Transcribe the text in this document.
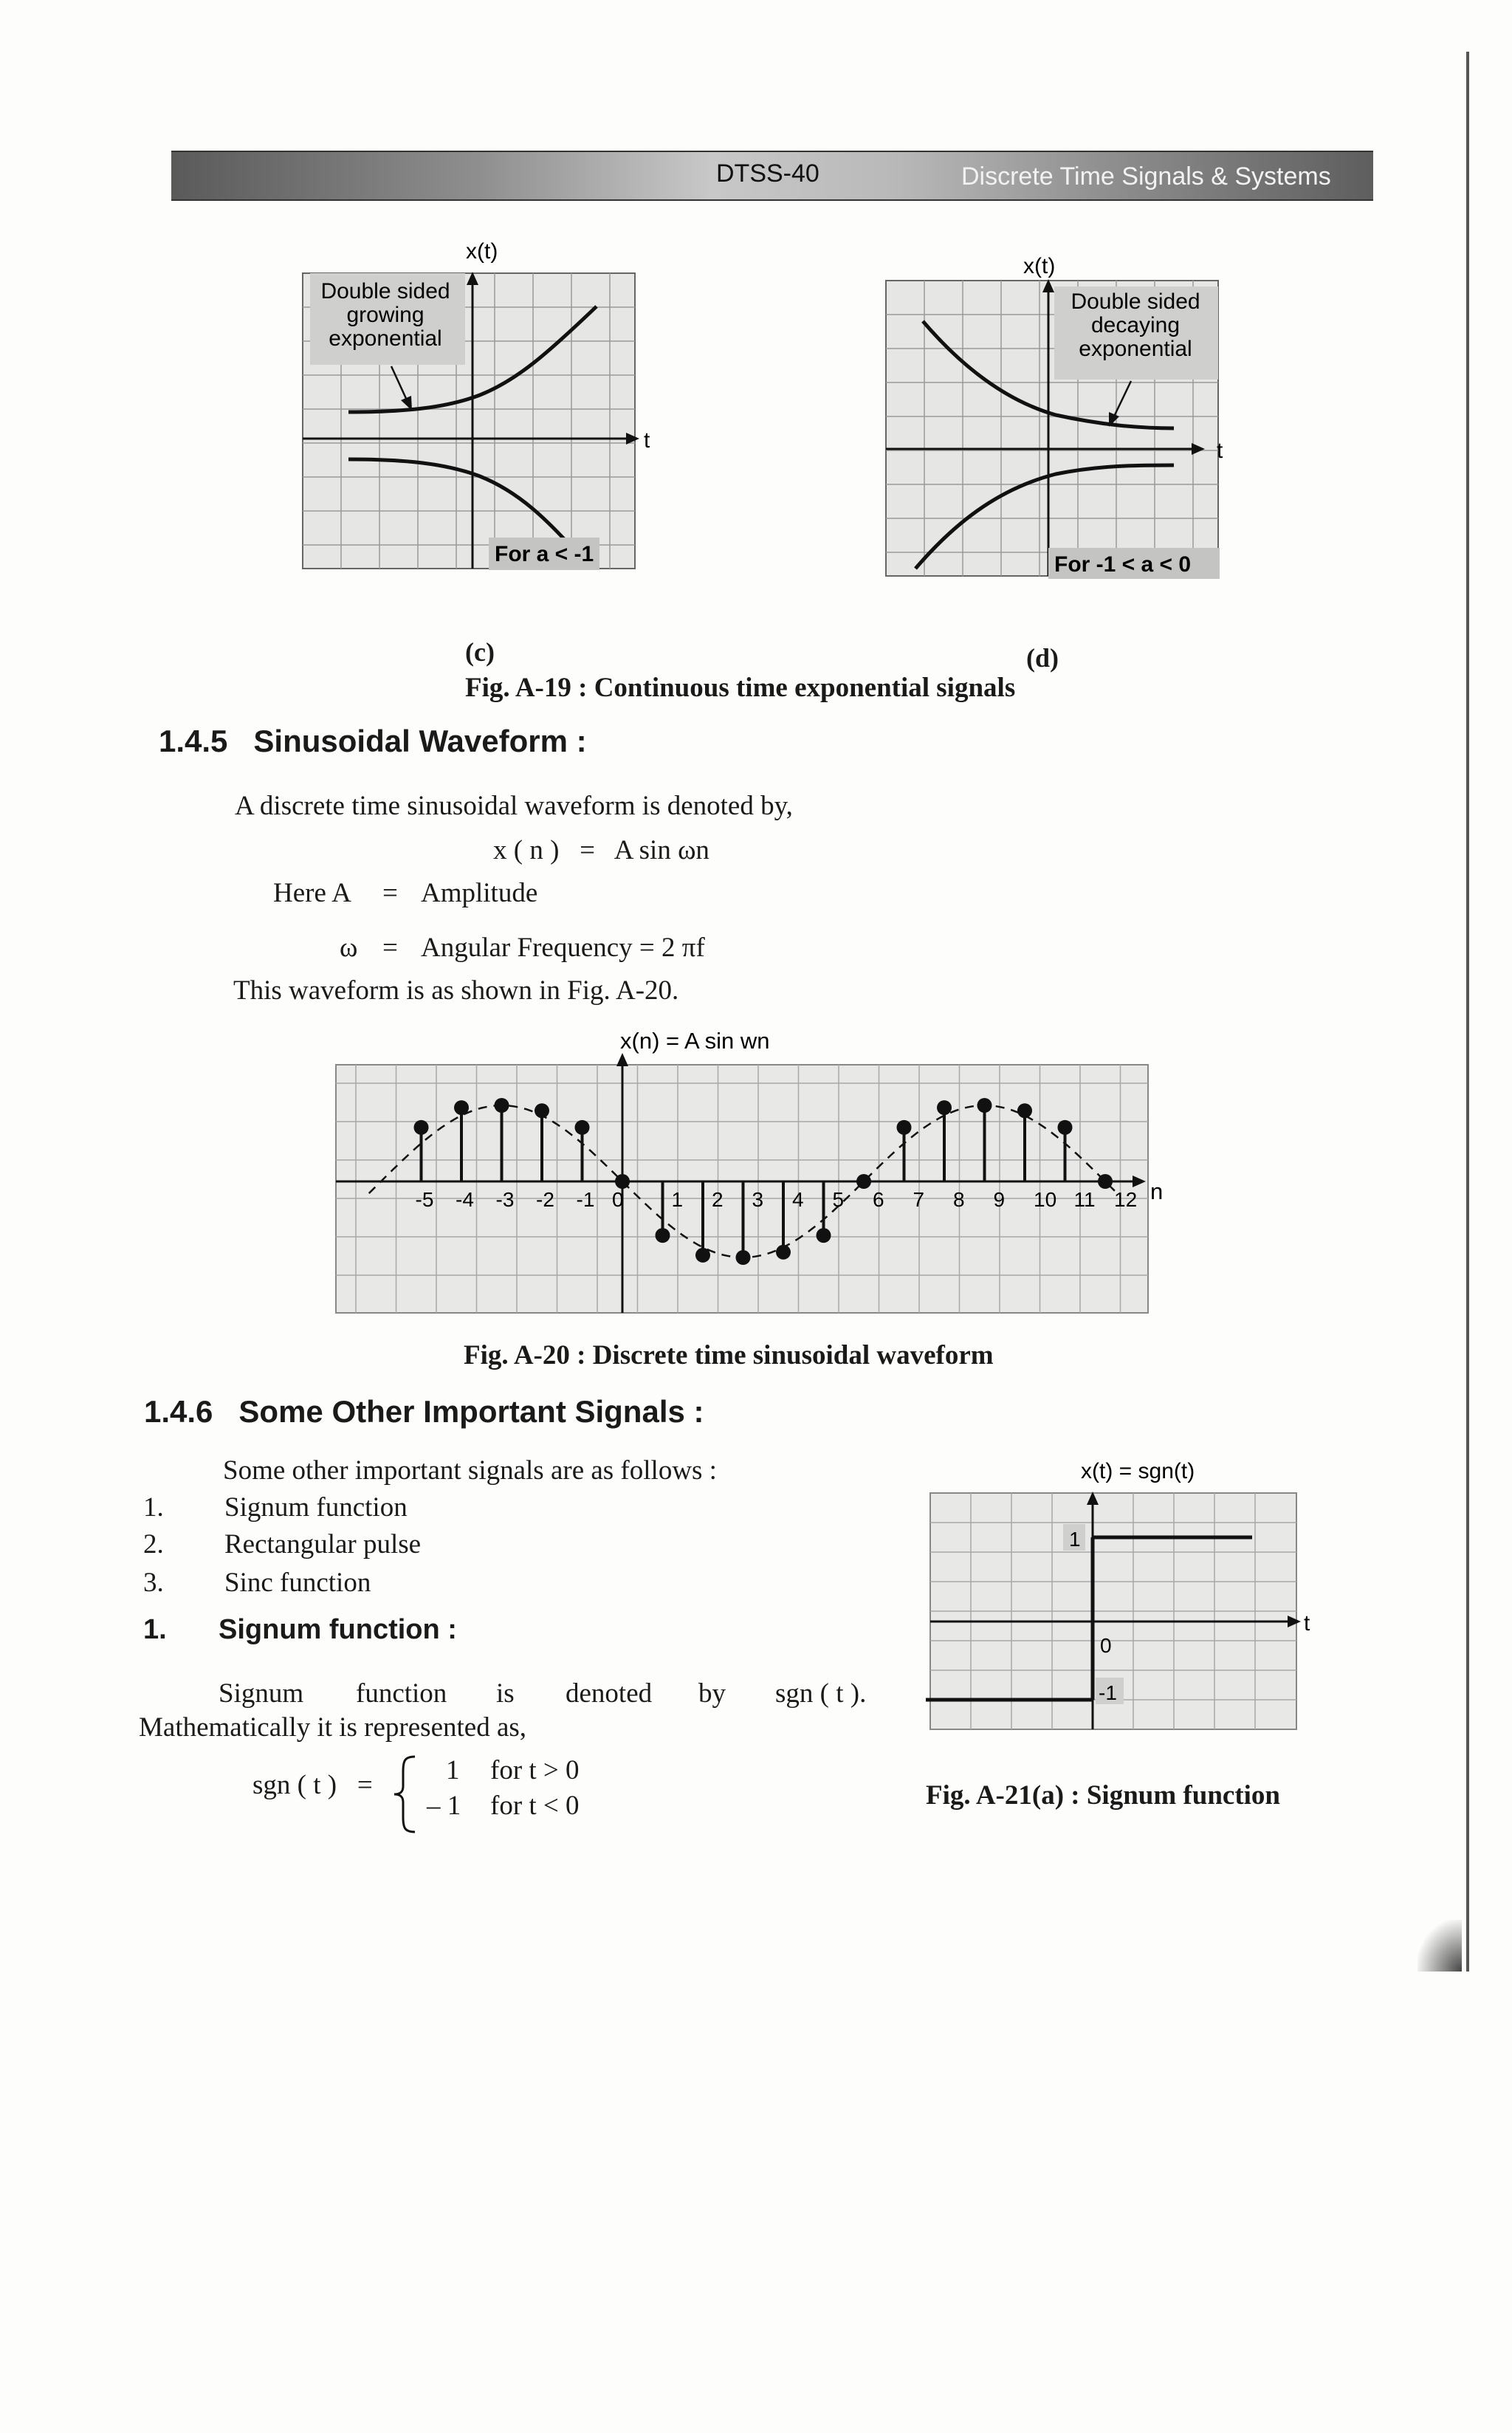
DTSS-40	Discrete Time Signals & Systems
x(t)
t
Double sided
growing
exponential
For a < -1
(c)
x(t)
t
Double sided
decaying
exponential
For -1 < a < 0
(d)
Fig. A-19 : Continuous time exponential signals
1.4.5   Sinusoidal Waveform :
A discrete time sinusoidal waveform is denoted by,
x ( n )   =   A sin ωn
Here A = Amplitude
ω = Angular Frequency = 2 πf
This waveform is as shown in Fig. A-20.
-5 -4 -3 -2 -1 0 1 2 3 4 5 6 7 8 9 10 11 12
x(n) = A sin wn
n
Fig. A-20 : Discrete time sinusoidal waveform
1.4.6   Some Other Important Signals :
Some other important signals are as follows :
1. Signum function
2. Rectangular pulse
3. Sinc function
1. Signum function :
Signum function is denoted by sgn ( t ).
Mathematically it is represented as,
sgn ( t )   =	1 for t > 0
– 1 for t < 0
x(t) = sgn(t)
t
1
0
-1
Fig. A-21(a) : Signum function
